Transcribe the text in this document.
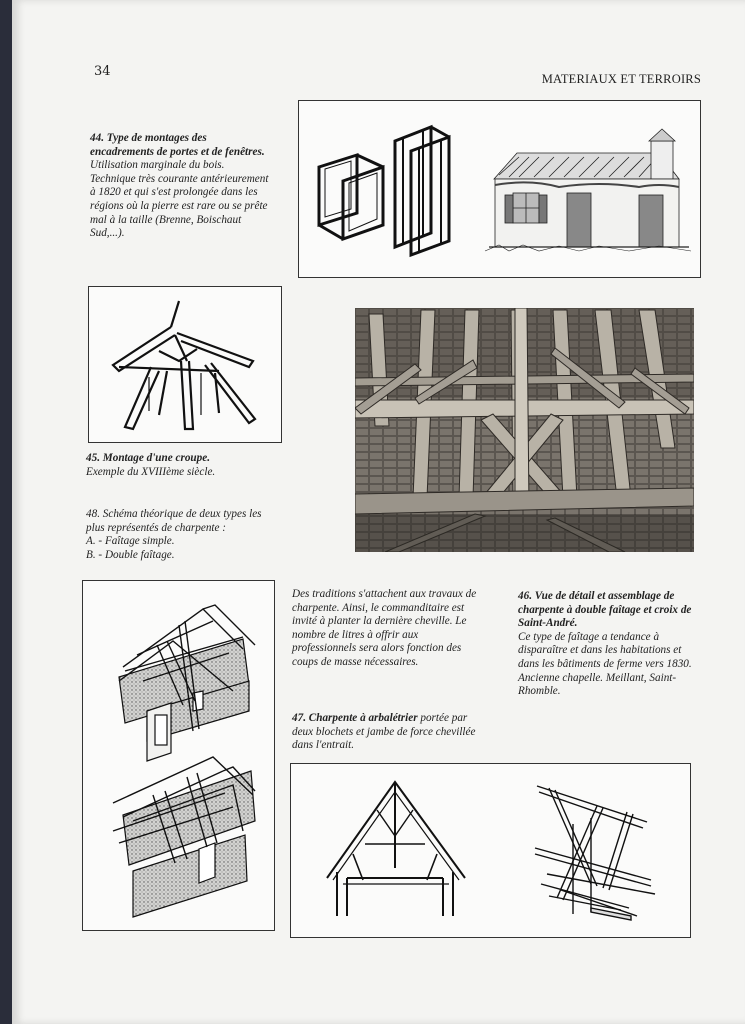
34	MATERIAUX ET TERROIRS
44. Type de montages des encadrements de portes et de fenêtres. Utilisation marginale du bois. Technique très courante antérieurement à 1820 et qui s'est prolongée dans les régions où la pierre est rare ou se prête mal à la taille (Brenne, Boischaut Sud,...).
45. Montage d'une croupe.
Exemple du XVIIIème siècle.
48. Schéma théorique de deux types les plus représentés de charpente :
A. - Faîtage simple.
B. - Double faîtage.
Des traditions s'attachent aux travaux de charpente. Ainsi, le commanditaire est invité à planter la dernière cheville. Le nombre de litres à offrir aux professionnels sera alors fonction des coups de masse nécessaires.
46. Vue de détail et assemblage de charpente à double faîtage et croix de Saint-André.
Ce type de faîtage a tendance à disparaître et dans les habitations et dans les bâtiments de ferme vers 1830. Ancienne chapelle. Meillant, Saint-Rhomble.
47. Charpente à arbalétrier portée par deux blochets et jambe de force chevillée dans l'entrait.
